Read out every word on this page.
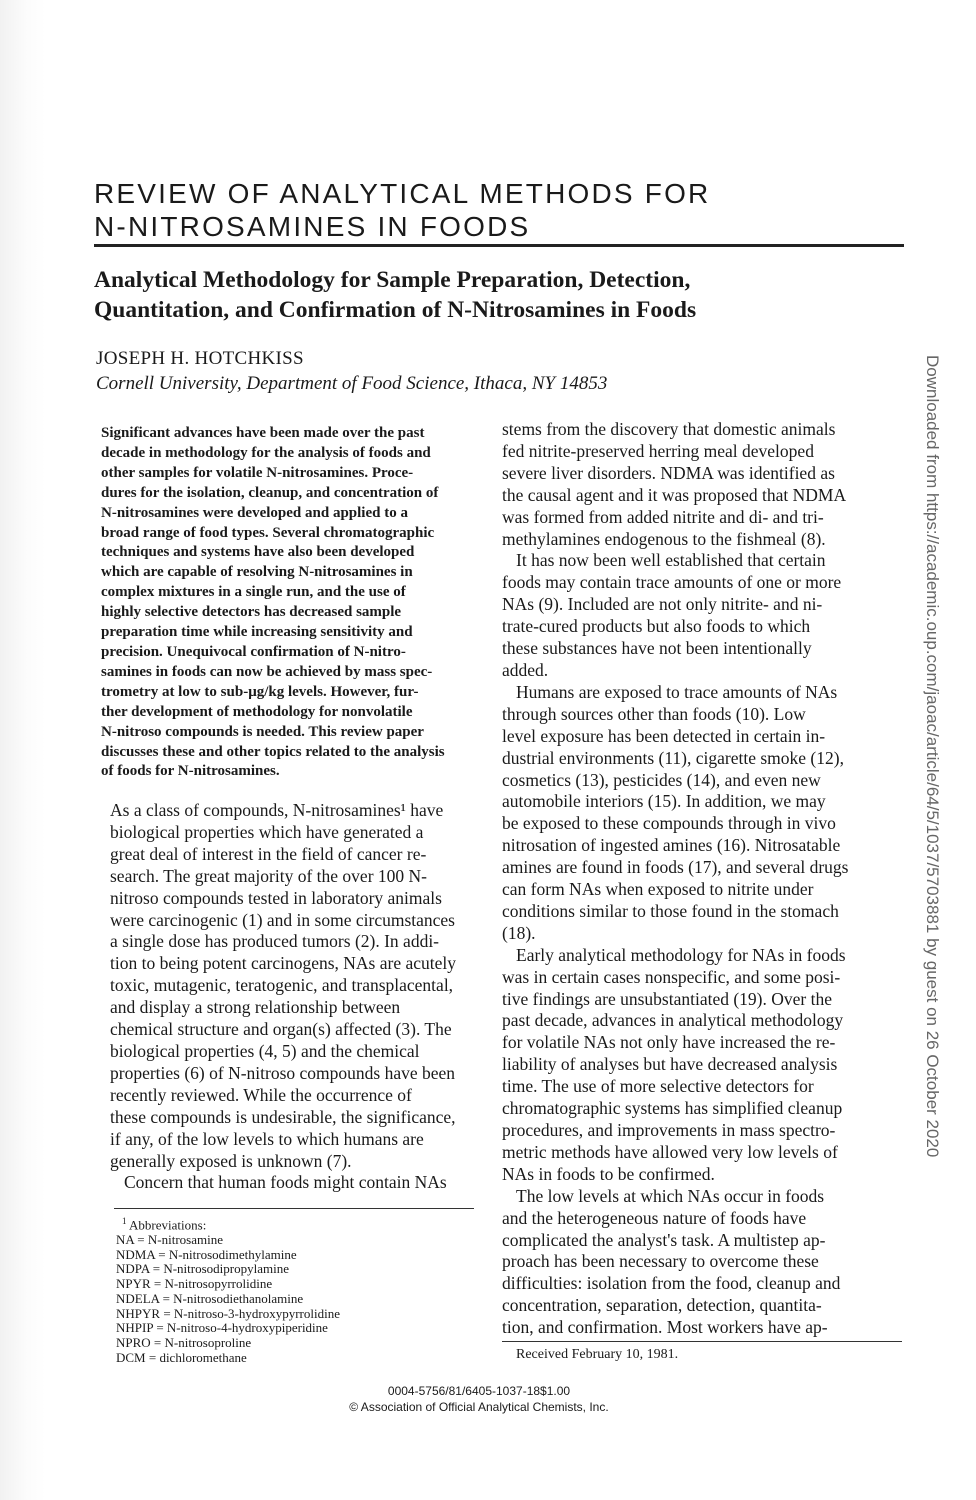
REVIEW OF ANALYTICAL METHODS FOR
N-NITROSAMINES IN FOODS
Analytical Methodology for Sample Preparation, Detection,
Quantitation, and Confirmation of N-Nitrosamines in Foods
JOSEPH H. HOTCHKISS
Cornell University, Department of Food Science, Ithaca, NY 14853
Significant advances have been made over the past
decade in methodology for the analysis of foods and
other samples for volatile N-nitrosamines. Proce-
dures for the isolation, cleanup, and concentration of
N-nitrosamines were developed and applied to a
broad range of food types. Several chromatographic
techniques and systems have also been developed
which are capable of resolving N-nitrosamines in
complex mixtures in a single run, and the use of
highly selective detectors has decreased sample
preparation time while increasing sensitivity and
precision. Unequivocal confirmation of N-nitro-
samines in foods can now be achieved by mass spec-
trometry at low to sub-μg/kg levels. However, fur-
ther development of methodology for nonvolatile
N-nitroso compounds is needed. This review paper
discusses these and other topics related to the analysis
of foods for N-nitrosamines.
As a class of compounds, N-nitrosamines¹ have
biological properties which have generated a
great deal of interest in the field of cancer re-
search. The great majority of the over 100 N-
nitroso compounds tested in laboratory animals
were carcinogenic (1) and in some circumstances
a single dose has produced tumors (2). In addi-
tion to being potent carcinogens, NAs are acutely
toxic, mutagenic, teratogenic, and transplacental,
and display a strong relationship between
chemical structure and organ(s) affected (3). The
biological properties (4, 5) and the chemical
properties (6) of N-nitroso compounds have been
recently reviewed. While the occurrence of
these compounds is undesirable, the significance,
if any, of the low levels to which humans are
generally exposed is unknown (7).
Concern that human foods might contain NAs
$^1$ Abbreviations:
NA = N-nitrosamine
NDMA = N-nitrosodimethylamine
NDPA = N-nitrosodipropylamine
NPYR = N-nitrosopyrrolidine
NDELA = N-nitrosodiethanolamine
NHPYR = N-nitroso-3-hydroxypyrrolidine
NHPIP = N-nitroso-4-hydroxypiperidine
NPRO = N-nitrosoproline
DCM = dichloromethane
stems from the discovery that domestic animals
fed nitrite-preserved herring meal developed
severe liver disorders. NDMA was identified as
the causal agent and it was proposed that NDMA
was formed from added nitrite and di- and tri-
methylamines endogenous to the fishmeal (8).
It has now been well established that certain
foods may contain trace amounts of one or more
NAs (9). Included are not only nitrite- and ni-
trate-cured products but also foods to which
these substances have not been intentionally
added.
Humans are exposed to trace amounts of NAs
through sources other than foods (10). Low
level exposure has been detected in certain in-
dustrial environments (11), cigarette smoke (12),
cosmetics (13), pesticides (14), and even new
automobile interiors (15). In addition, we may
be exposed to these compounds through in vivo
nitrosation of ingested amines (16). Nitrosatable
amines are found in foods (17), and several drugs
can form NAs when exposed to nitrite under
conditions similar to those found in the stomach
(18).
Early analytical methodology for NAs in foods
was in certain cases nonspecific, and some posi-
tive findings are unsubstantiated (19). Over the
past decade, advances in analytical methodology
for volatile NAs not only have increased the re-
liability of analyses but have decreased analysis
time. The use of more selective detectors for
chromatographic systems has simplified cleanup
procedures, and improvements in mass spectro-
metric methods have allowed very low levels of
NAs in foods to be confirmed.
The low levels at which NAs occur in foods
and the heterogeneous nature of foods have
complicated the analyst's task. A multistep ap-
proach has been necessary to overcome these
difficulties: isolation from the food, cleanup and
concentration, separation, detection, quantita-
tion, and confirmation. Most workers have ap-
Received February 10, 1981.
0004-5756/81/6405-1037-18$1.00
© Association of Official Analytical Chemists, Inc.
Downloaded from https://academic.oup.com/jaoac/article/64/5/1037/5703881 by guest on 26 October 2020
